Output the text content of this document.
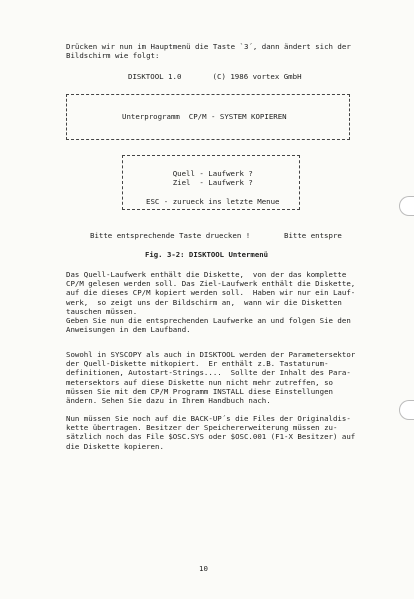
Drücken wir nun im Hauptmenü die Taste `3´, dann ändert sich der
Bildschirm wie folgt:

DISKTOOL 1.0       (C) 1986 vortex GmbH

Unterprogramm  CP/M - SYSTEM KOPIEREN

Quell - Laufwerk ?
Ziel  - Laufwerk ?

ESC - zurueck ins letzte Menue

Bitte entsprechende Taste druecken !	Bitte entspre

Fig. 3-2: DISKTOOL Untermenü

Das Quell-Laufwerk enthält die Diskette,  von der das komplette
CP/M gelesen werden soll. Das Ziel-Laufwerk enthält die Diskette,
auf die dieses CP/M kopiert werden soll.  Haben wir nur ein Lauf-
werk,  so zeigt uns der Bildschirm an,  wann wir die Disketten
tauschen müssen.
Geben Sie nun die entsprechenden Laufwerke an und folgen Sie den
Anweisungen in dem Laufband.

Sowohl in SYSCOPY als auch in DISKTOOL werden der Parametersektor
der Quell-Diskette mitkopiert.  Er enthält z.B. Tastaturum-
definitionen, Autostart-Strings....  Sollte der Inhalt des Para-
metersektors auf diese Diskette nun nicht mehr zutreffen, so
müssen Sie mit dem CP/M Programm INSTALL diese Einstellungen
ändern. Sehen Sie dazu in Ihrem Handbuch nach.

Nun müssen Sie noch auf die BACK-UP´s die Files der Originaldis-
kette übertragen. Besitzer der Speichererweiterung müssen zu-
sätzlich noch das File $OSC.SYS oder $OSC.001 (F1-X Besitzer) auf
die Diskette kopieren.

10
